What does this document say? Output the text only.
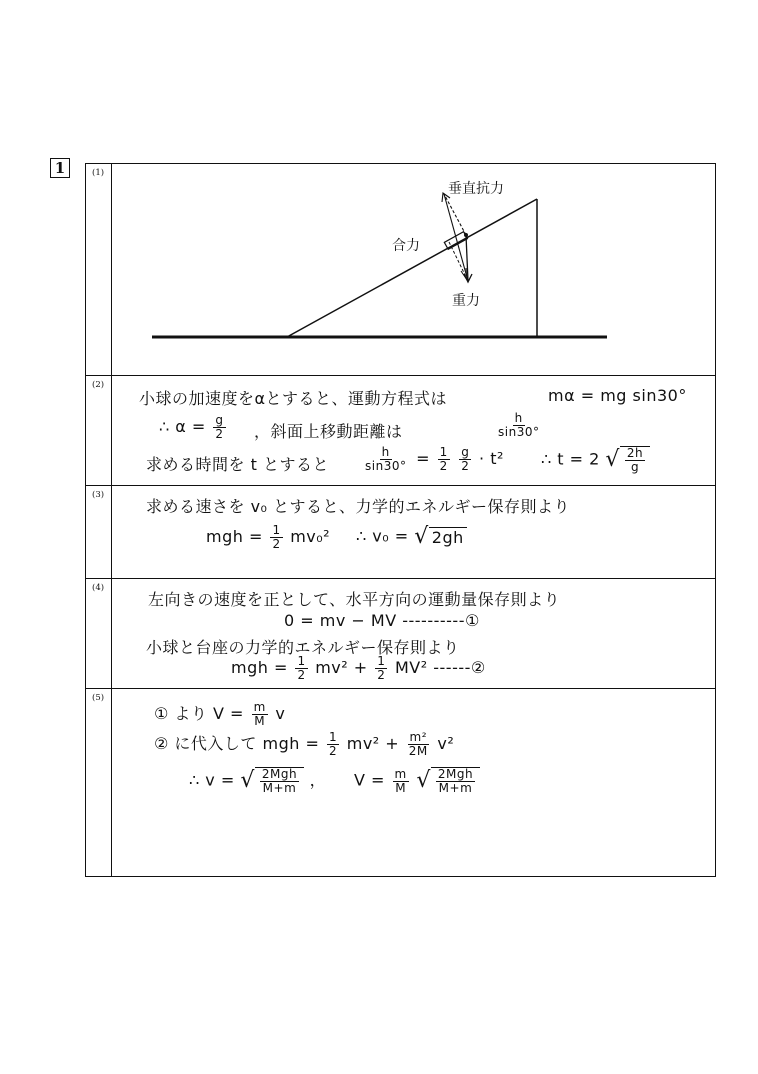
1	(1)
垂直抗力
合力
重力
(2)
小球の加速度をαとすると、運動方程式は	mα = mg sin30°
∴ $\alpha = \frac{g}{2}$ ，斜面上移動距離は	$\frac{h}{\sin 30^\circ}$
求める時間を t とすると	$\frac{h}{\sin 30^\circ} = \frac{1}{2}$
$\frac{g}{2} \cdot t^2$ ∴ t = 2 √ $\frac{2h}{g}$
(3)
求める速さを v₀ とすると、力学的エネルギー保存則より
mgh = $\frac{1}{2} mv_0^2$ ∴ v₀ = √ 2gh
(4)
左向きの速度を正として、水平方向の運動量保存則より
0 = mv − MV ----------①
小球と台座の力学的エネルギー保存則より
mgh = $\frac{1}{2} mv^2 + \frac{1}{2} MV^2$ ------②
(5)
① より $V = \frac{m}{M}$ v
② に代入して mgh = $\frac{1}{2} mv^2 + \frac{\text{m²}}{2M} v^2$
∴ v = √ $\frac{\text{2Mgh}}{M+m}$ ， $V = \frac{m}{M}$
√ $\frac{\text{2Mgh}}{M+m}$
